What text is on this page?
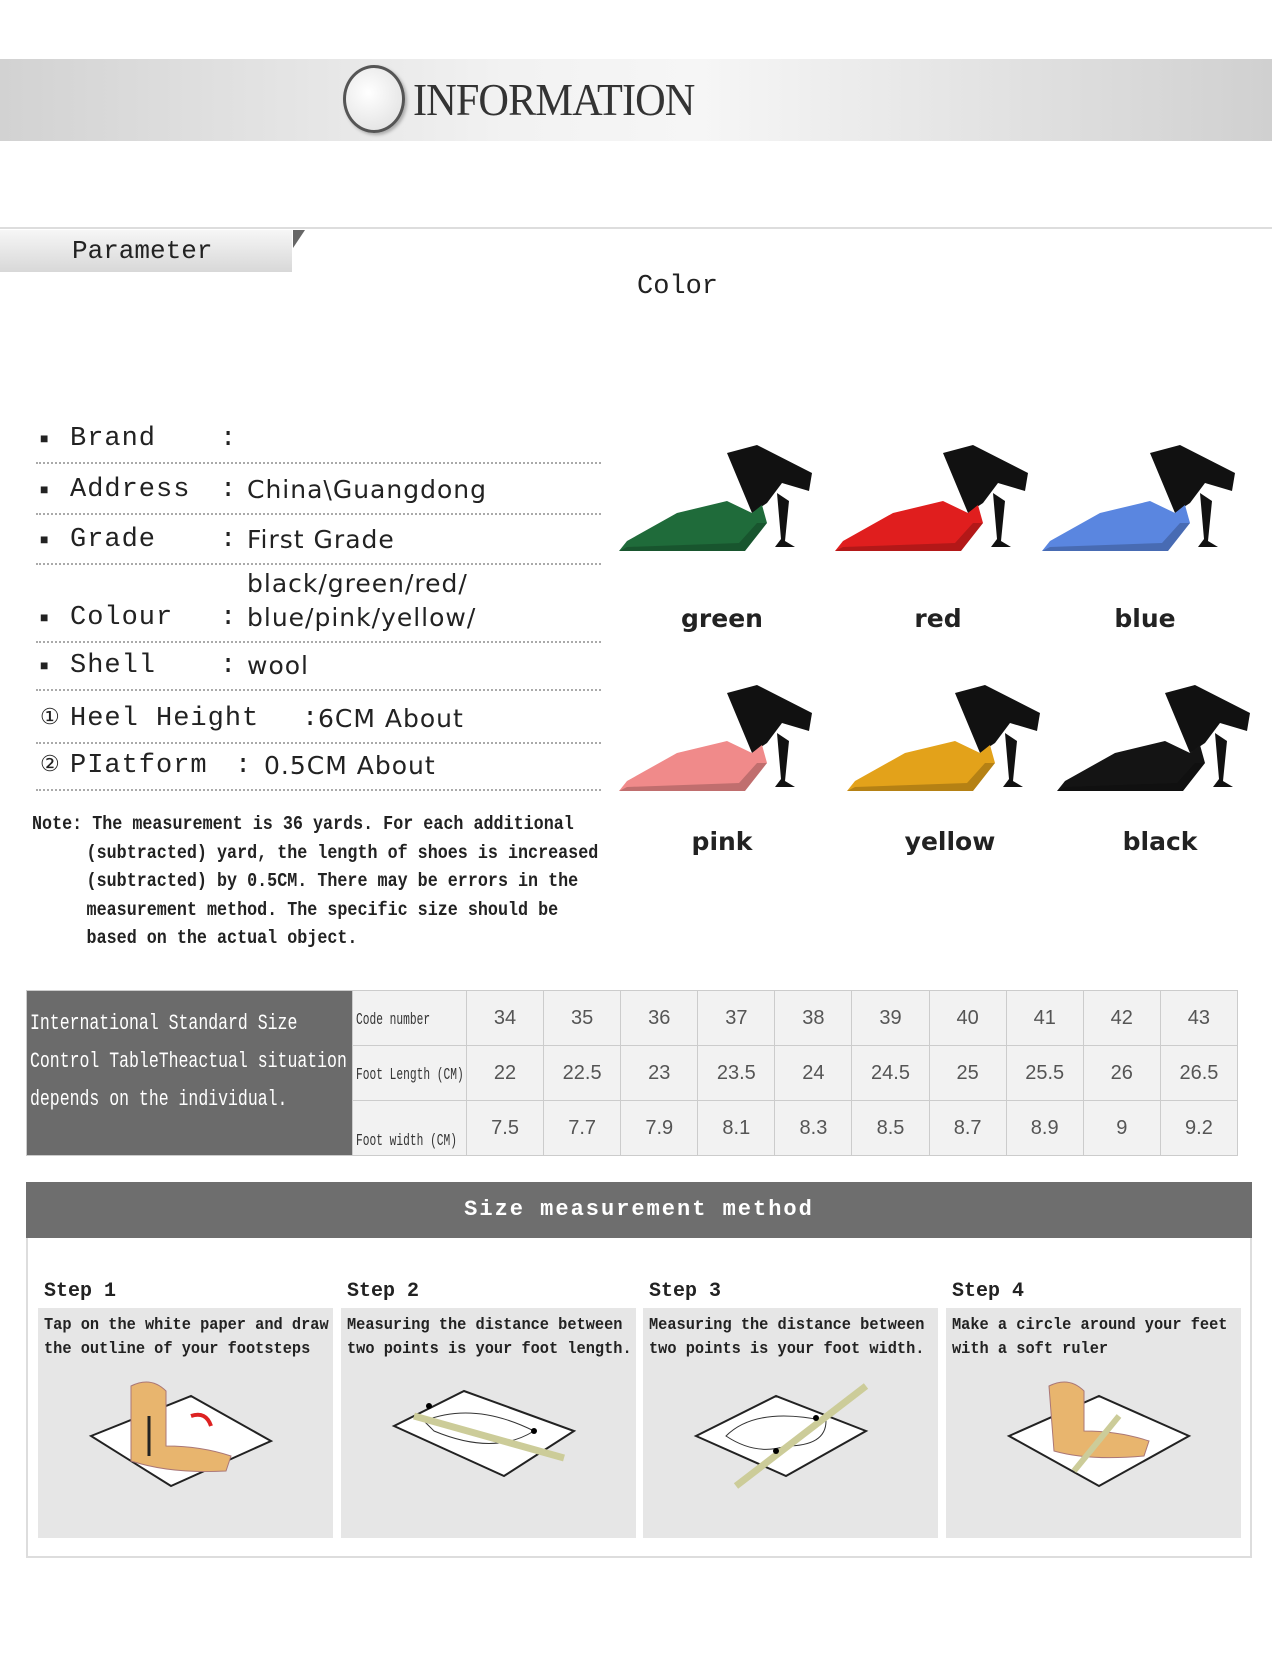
INFORMATION
Parameter
Color
■ Brand :
■ Address : China\Guangdong
■ Grade : First Grade
■ Colour : blue/pink/yellow/
black/green/red/
■ Shell : wool
① Heel Height : 6CM About
② PIatform : 0.5CM About
Note: The measurement is 36 yards. For each additional
(subtracted) yard, the length of shoes is increased
(subtracted) by 0.5CM. There may be errors in the
measurement method. The specific size should be
based on the actual object.
green	red	blue
pink	yellow	black
International Standard Size Control TableTheactual situation depends on the individual.	Code number	34	35	36	37	38	39	40	41	42	43
	Foot Length (CM)	22	22.5	23	23.5	24	24.5	25	25.5	26	26.5
	Foot width (CM)	7.5	7.7	7.9	8.1	8.3	8.5	8.7	8.9	9	9.2
Size measurement method
Step 1
Tap on the white paper and draw the outline of your footsteps
Step 2
Measuring the distance between two points is your foot length.
Step 3
Measuring the distance between two points is your foot width.
Step 4
Make a circle around your feet with a soft ruler
